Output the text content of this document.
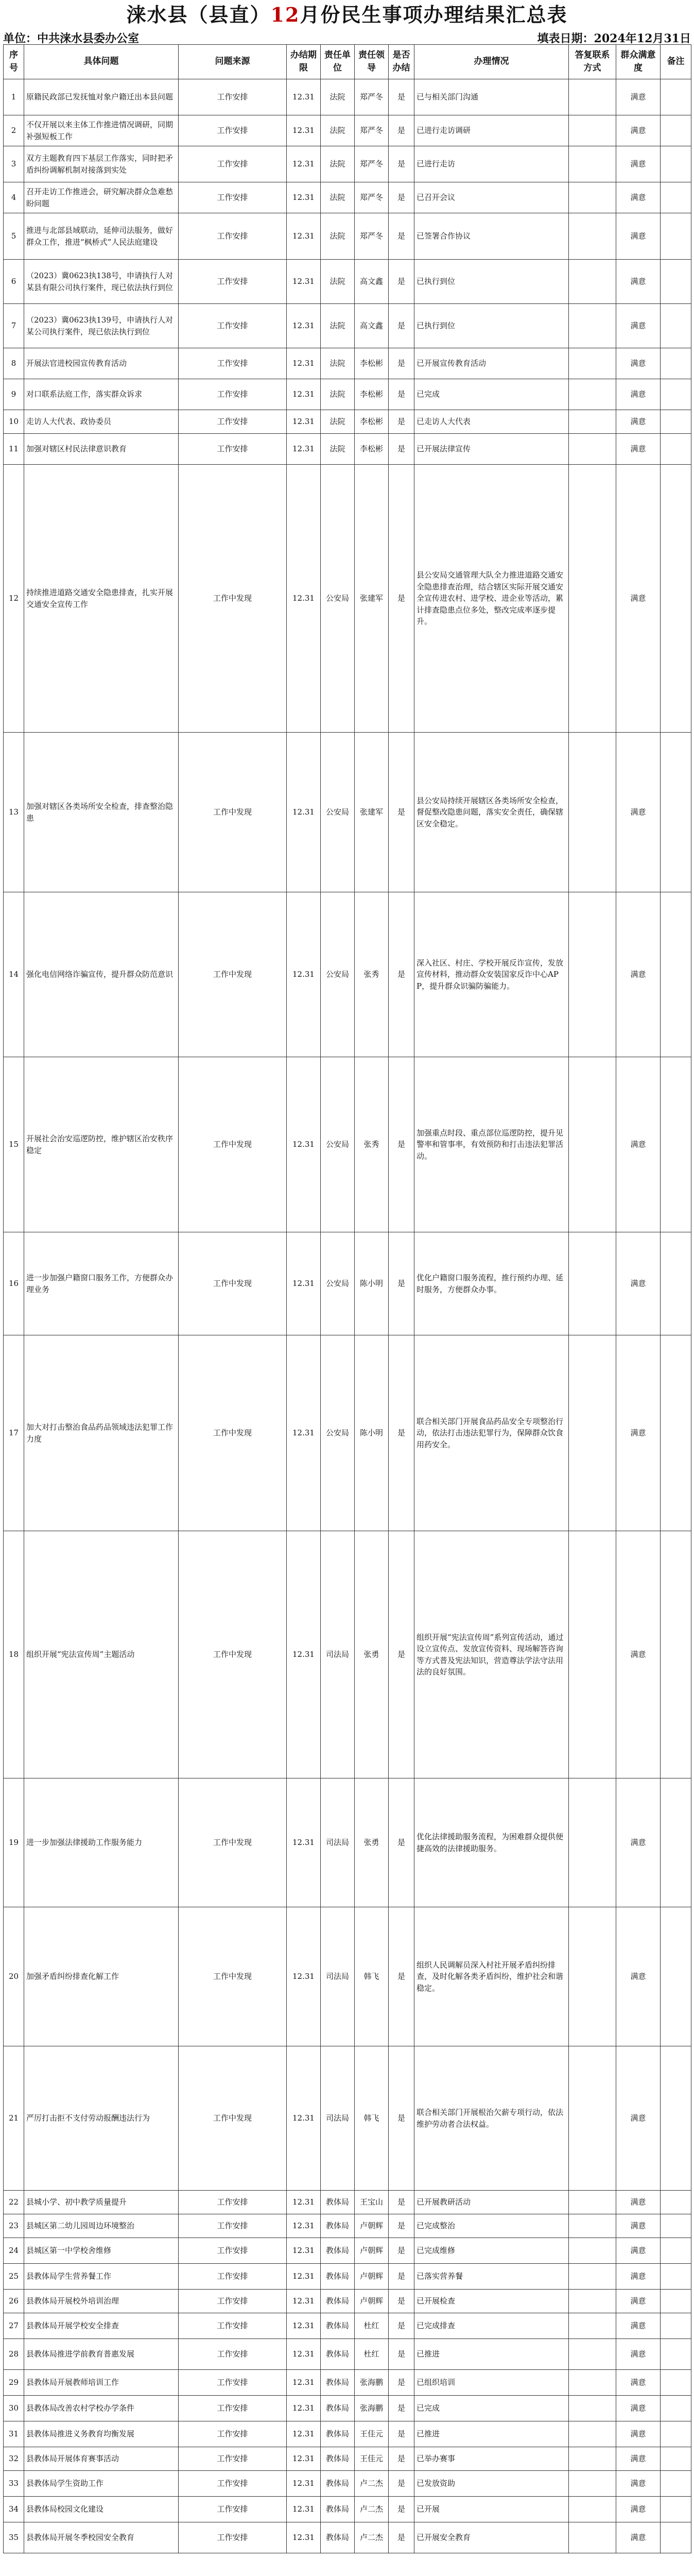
涞水县（县直）12月份民生事项办理结果汇总表
单位：中共涞水县委办公室	填表日期：2024年12月31日
序号	具体问题	问题来源	办结期限	责任单位	责任领导	是否办结	办理情况	答复联系方式	群众满意度	备注
1	原籍民政部已发抚恤对象户籍迁出本县问题	工作安排	12.31	法院	郑严冬	是	已与相关部门沟通		满意	
2	不仅开展以来主体工作推进情况调研，同期补强短板工作	工作安排	12.31	法院	郑严冬	是	已进行走访调研		满意	
3	双方主题教育四下基层工作落实，同时把矛盾纠纷调解机制对接落到实处	工作安排	12.31	法院	郑严冬	是	已进行走访		满意	
4	召开走访工作推进会，研究解决群众急难愁盼问题	工作安排	12.31	法院	郑严冬	是	已召开会议		满意	
5	推进与北部县域联动，延伸司法服务，做好群众工作，推进“枫桥式”人民法庭建设	工作安排	12.31	法院	郑严冬	是	已签署合作协议		满意	
6	（2023）冀0623执138号，申请执行人对某县有限公司执行案件，现已依法执行到位	工作安排	12.31	法院	高文鑫	是	已执行到位		满意	
7	（2023）冀0623执139号，申请执行人对某公司执行案件，现已依法执行到位	工作安排	12.31	法院	高文鑫	是	已执行到位		满意	
8	开展法官进校园宣传教育活动	工作安排	12.31	法院	李松彬	是	已开展宣传教育活动		满意	
9	对口联系法庭工作，落实群众诉求	工作安排	12.31	法院	李松彬	是	已完成		满意	
10	走访人大代表、政协委员	工作安排	12.31	法院	李松彬	是	已走访人大代表		满意	
11	加强对辖区村民法律意识教育	工作安排	12.31	法院	李松彬	是	已开展法律宣传		满意	
12	持续推进道路交通安全隐患排查，扎实开展交通安全宣传工作	工作中发现	12.31	公安局	张建军	是	县公安局交通管理大队全力推进道路交通安全隐患排查治理，结合辖区实际开展交通安全宣传进农村、进学校、进企业等活动，累计排查隐患点位多处，整改完成率逐步提升。		满意	
13	加强对辖区各类场所安全检查，排查整治隐患	工作中发现	12.31	公安局	张建军	是	县公安局持续开展辖区各类场所安全检查，督促整改隐患问题，落实安全责任，确保辖区安全稳定。		满意	
14	强化电信网络诈骗宣传，提升群众防范意识	工作中发现	12.31	公安局	张秀	是	深入社区、村庄、学校开展反诈宣传，发放宣传材料，推动群众安装国家反诈中心APP，提升群众识骗防骗能力。		满意	
15	开展社会治安巡逻防控，维护辖区治安秩序稳定	工作中发现	12.31	公安局	张秀	是	加强重点时段、重点部位巡逻防控，提升见警率和管事率，有效预防和打击违法犯罪活动。		满意	
16	进一步加强户籍窗口服务工作，方便群众办理业务	工作中发现	12.31	公安局	陈小明	是	优化户籍窗口服务流程，推行预约办理、延时服务，方便群众办事。		满意	
17	加大对打击整治食品药品领域违法犯罪工作力度	工作中发现	12.31	公安局	陈小明	是	联合相关部门开展食品药品安全专项整治行动，依法打击违法犯罪行为，保障群众饮食用药安全。		满意	
18	组织开展“宪法宣传周”主题活动	工作中发现	12.31	司法局	张勇	是	组织开展“宪法宣传周”系列宣传活动，通过设立宣传点、发放宣传资料、现场解答咨询等方式普及宪法知识，营造尊法学法守法用法的良好氛围。		满意	
19	进一步加强法律援助工作服务能力	工作中发现	12.31	司法局	张勇	是	优化法律援助服务流程，为困难群众提供便捷高效的法律援助服务。		满意	
20	加强矛盾纠纷排查化解工作	工作中发现	12.31	司法局	韩飞	是	组织人民调解员深入村社开展矛盾纠纷排查，及时化解各类矛盾纠纷，维护社会和谐稳定。		满意	
21	严厉打击拒不支付劳动报酬违法行为	工作中发现	12.31	司法局	韩飞	是	联合相关部门开展根治欠薪专项行动，依法维护劳动者合法权益。		满意	
22	县城小学、初中教学质量提升	工作安排	12.31	教体局	王宝山	是	已开展教研活动		满意	
23	县城区第二幼儿园周边环境整治	工作安排	12.31	教体局	卢朝辉	是	已完成整治		满意	
24	县城区第一中学校舍维修	工作安排	12.31	教体局	卢朝辉	是	已完成维修		满意	
25	县教体局学生营养餐工作	工作安排	12.31	教体局	卢朝辉	是	已落实营养餐		满意	
26	县教体局开展校外培训治理	工作安排	12.31	教体局	卢朝辉	是	已开展检查		满意	
27	县教体局开展学校安全排查	工作安排	12.31	教体局	杜红	是	已完成排查		满意	
28	县教体局推进学前教育普惠发展	工作安排	12.31	教体局	杜红	是	已推进		满意	
29	县教体局开展教师培训工作	工作安排	12.31	教体局	张海鹏	是	已组织培训		满意	
30	县教体局改善农村学校办学条件	工作安排	12.31	教体局	张海鹏	是	已完成		满意	
31	县教体局推进义务教育均衡发展	工作安排	12.31	教体局	王佳元	是	已推进		满意	
32	县教体局开展体育赛事活动	工作安排	12.31	教体局	王佳元	是	已举办赛事		满意	
33	县教体局学生资助工作	工作安排	12.31	教体局	卢二杰	是	已发放资助		满意	
34	县教体局校园文化建设	工作安排	12.31	教体局	卢二杰	是	已开展		满意	
35	县教体局开展冬季校园安全教育	工作安排	12.31	教体局	卢二杰	是	已开展安全教育		满意	
